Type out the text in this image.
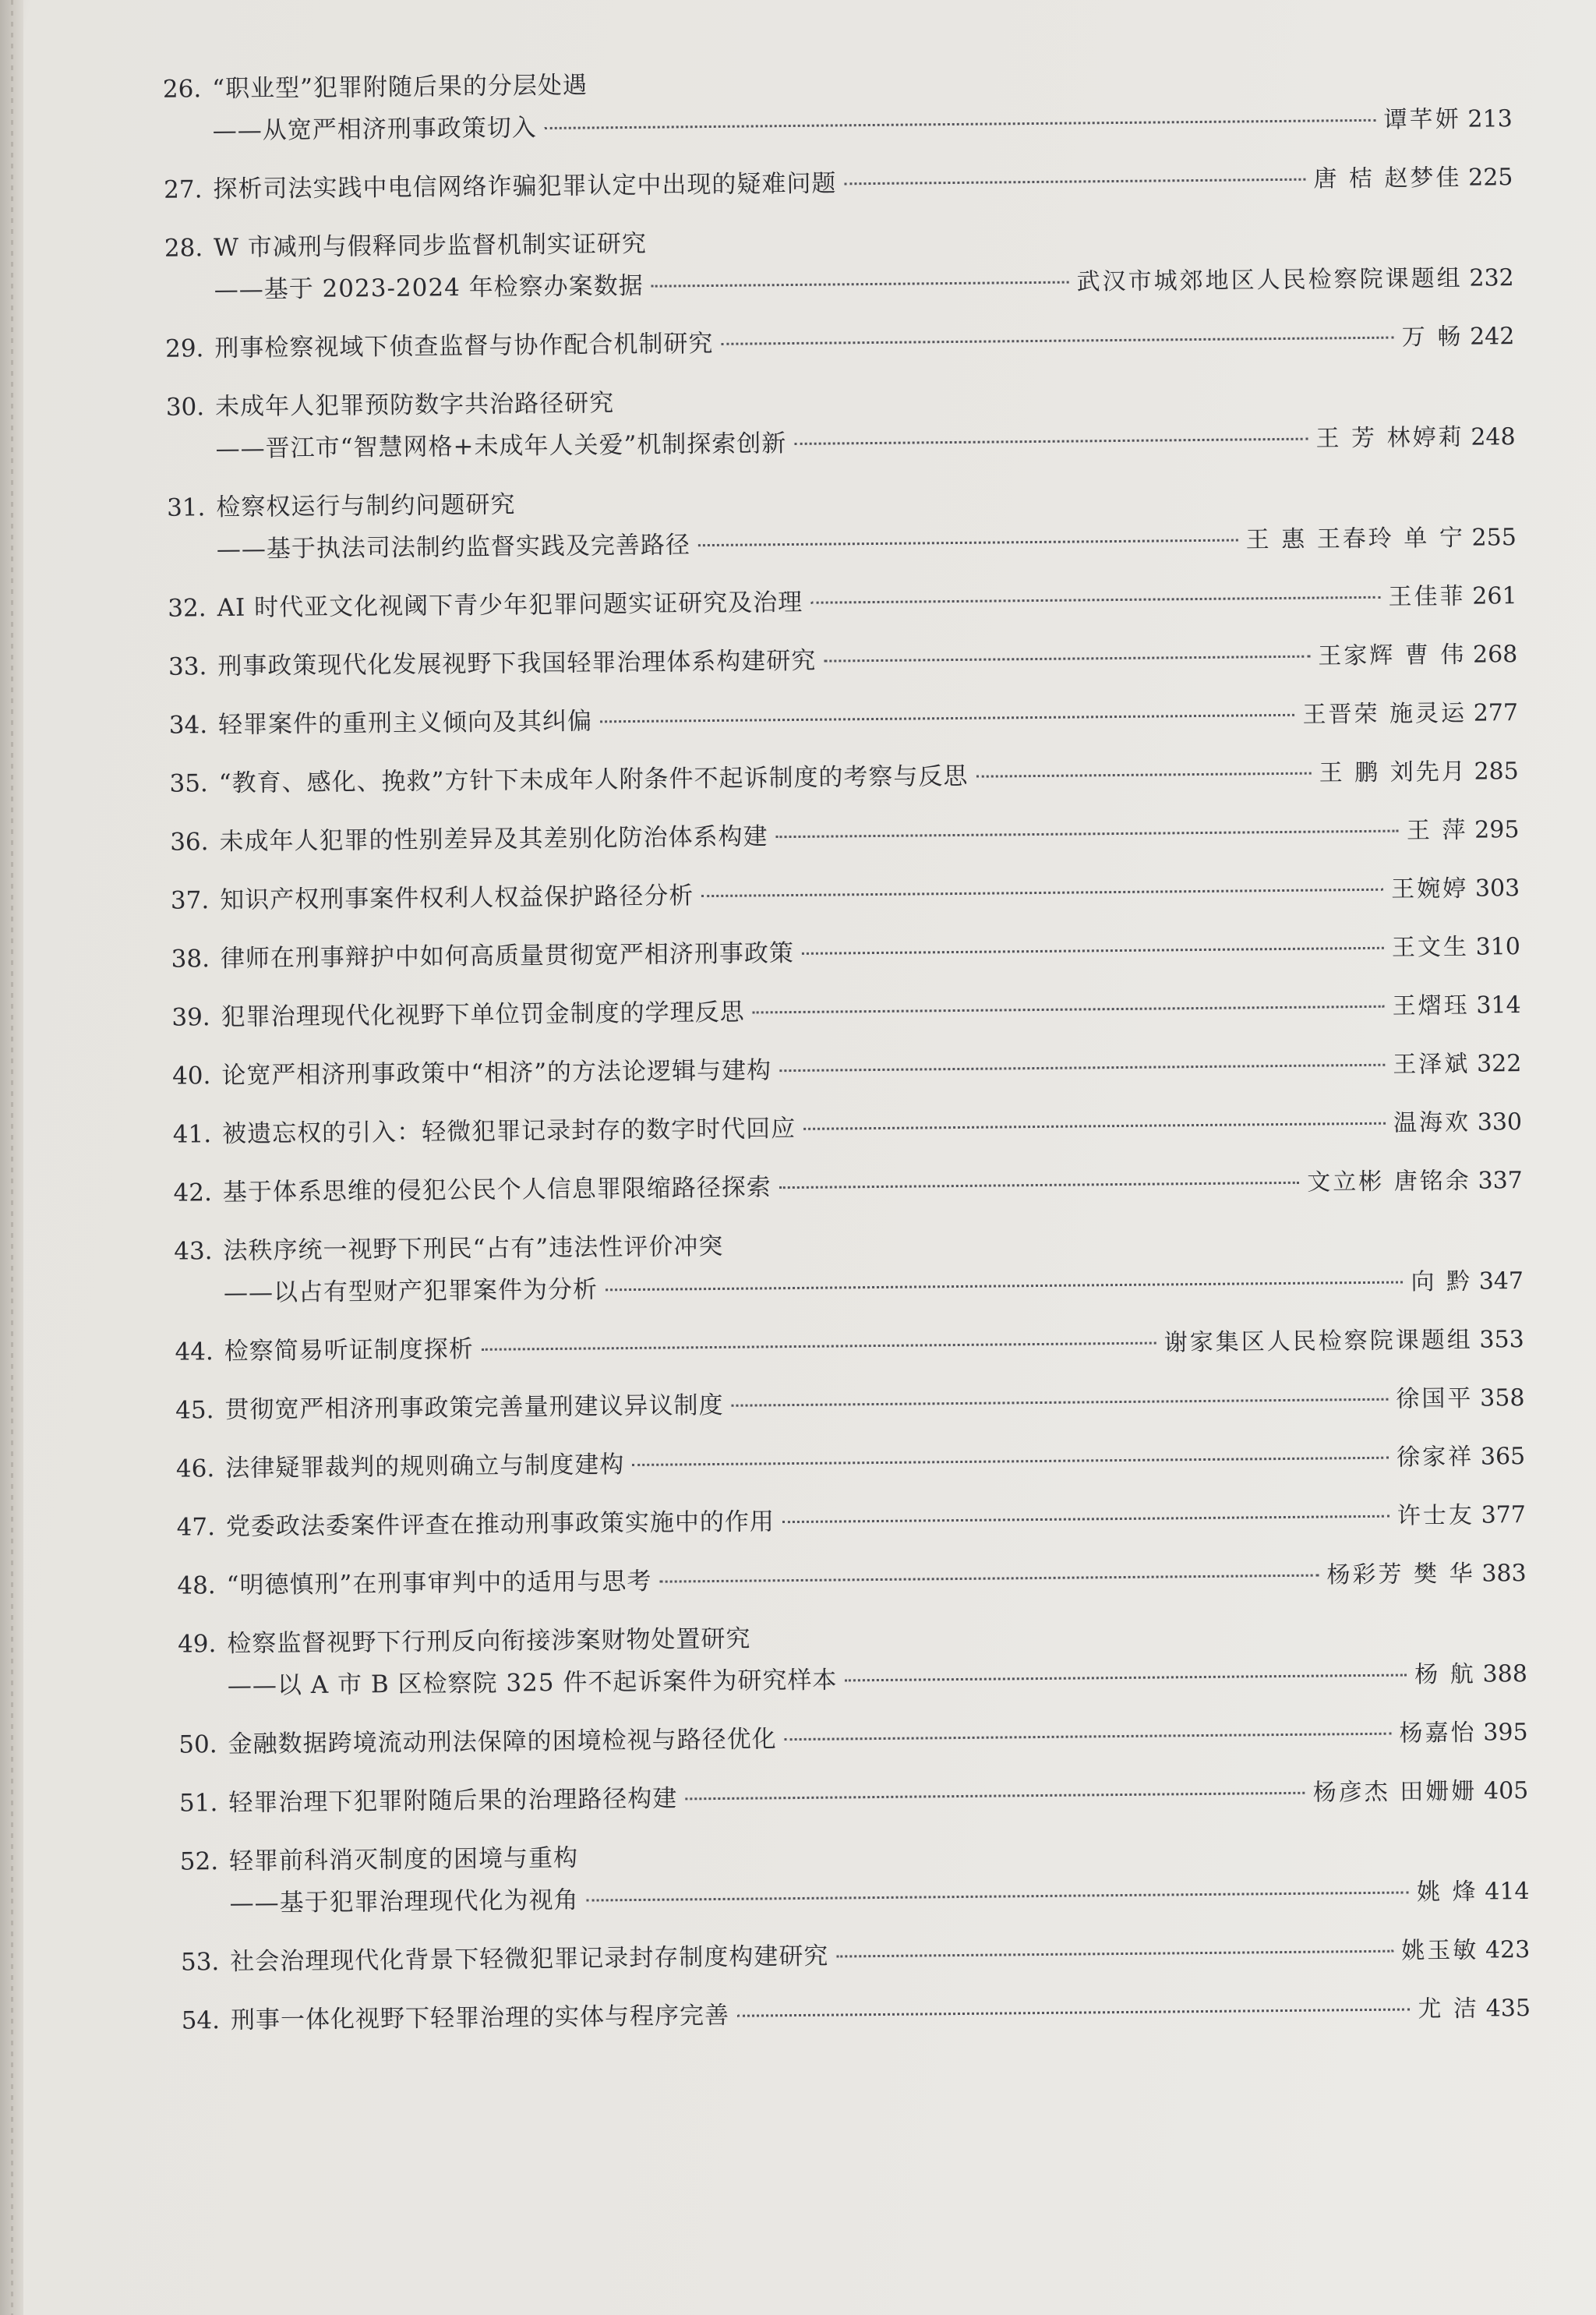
26. “职业型”犯罪附随后果的分层处遇
——从宽严相济刑事政策切入	谭芊妍 213
27. 探析司法实践中电信网络诈骗犯罪认定中出现的疑难问题	唐 桔 赵梦佳 225
28. W 市减刑与假释同步监督机制实证研究
——基于 2023-2024 年检察办案数据	武汉市城郊地区人民检察院课题组 232
29. 刑事检察视域下侦查监督与协作配合机制研究	万 畅 242
30. 未成年人犯罪预防数字共治路径研究
——晋江市“智慧网格+未成年人关爱”机制探索创新	王 芳 林婷莉 248
31. 检察权运行与制约问题研究
——基于执法司法制约监督实践及完善路径	王 惠 王春玲 单 宁 255
32. AI 时代亚文化视阈下青少年犯罪问题实证研究及治理	王佳菲 261
33. 刑事政策现代化发展视野下我国轻罪治理体系构建研究	王家辉 曹 伟 268
34. 轻罪案件的重刑主义倾向及其纠偏	王晋荣 施灵运 277
35. “教育、感化、挽救”方针下未成年人附条件不起诉制度的考察与反思	王 鹏 刘先月 285
36. 未成年人犯罪的性别差异及其差别化防治体系构建	王 萍 295
37. 知识产权刑事案件权利人权益保护路径分析	王婉婷 303
38. 律师在刑事辩护中如何高质量贯彻宽严相济刑事政策	王文生 310
39. 犯罪治理现代化视野下单位罚金制度的学理反思	王熠珏 314
40. 论宽严相济刑事政策中“相济”的方法论逻辑与建构	王泽斌 322
41. 被遗忘权的引入：轻微犯罪记录封存的数字时代回应	温海欢 330
42. 基于体系思维的侵犯公民个人信息罪限缩路径探索	文立彬 唐铭余 337
43. 法秩序统一视野下刑民“占有”违法性评价冲突
——以占有型财产犯罪案件为分析	向 黔 347
44. 检察简易听证制度探析	谢家集区人民检察院课题组 353
45. 贯彻宽严相济刑事政策完善量刑建议异议制度	徐国平 358
46. 法律疑罪裁判的规则确立与制度建构	徐家祥 365
47. 党委政法委案件评查在推动刑事政策实施中的作用	许士友 377
48. “明德慎刑”在刑事审判中的适用与思考	杨彩芳 樊 华 383
49. 检察监督视野下行刑反向衔接涉案财物处置研究
——以 A 市 B 区检察院 325 件不起诉案件为研究样本	杨 航 388
50. 金融数据跨境流动刑法保障的困境检视与路径优化	杨嘉怡 395
51. 轻罪治理下犯罪附随后果的治理路径构建	杨彦杰 田姗姗 405
52. 轻罪前科消灭制度的困境与重构
——基于犯罪治理现代化为视角	姚 烽 414
53. 社会治理现代化背景下轻微犯罪记录封存制度构建研究	姚玉敏 423
54. 刑事一体化视野下轻罪治理的实体与程序完善	尤 洁 435
